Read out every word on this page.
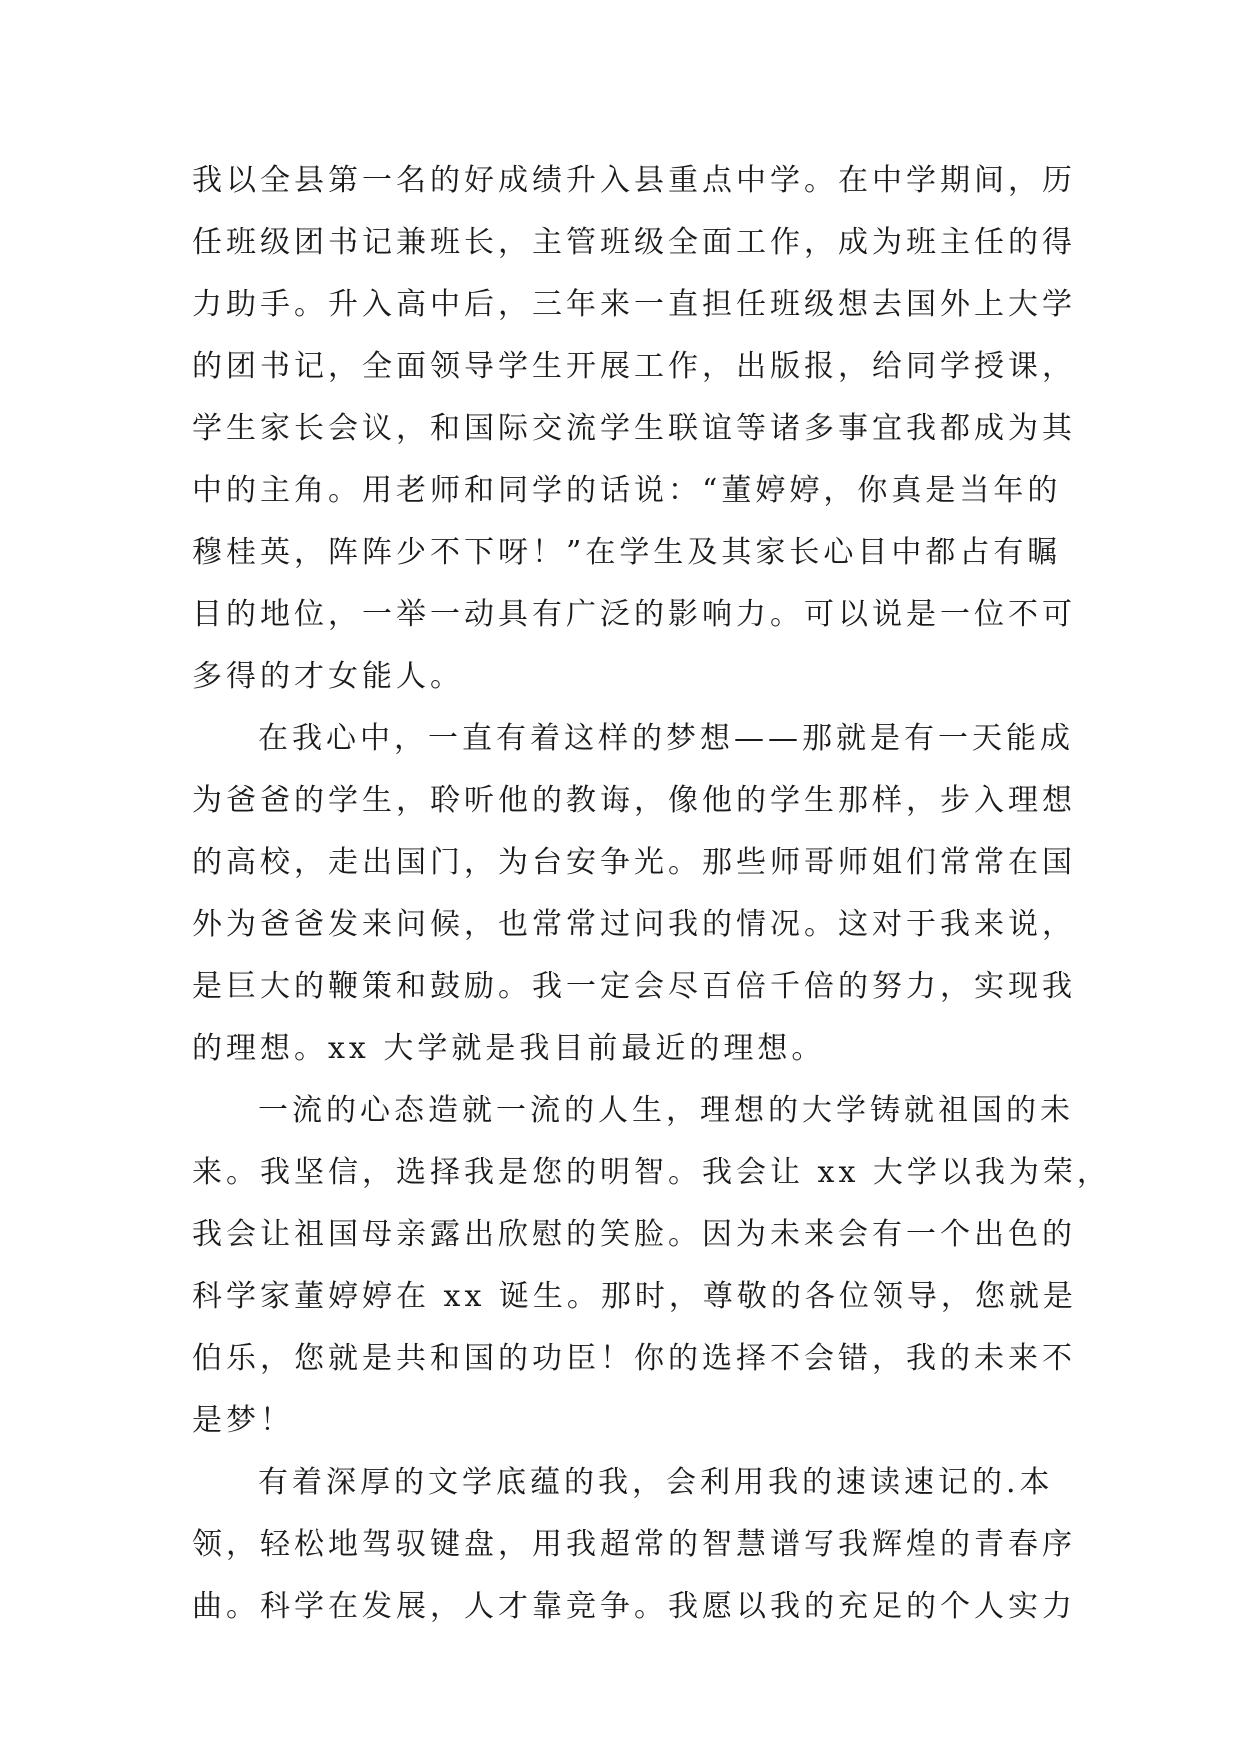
我以全县第一名的好成绩升入县重点中学。在中学期间，历
任班级团书记兼班长，主管班级全面工作，成为班主任的得
力助手。升入高中后，三年来一直担任班级想去国外上大学
的团书记，全面领导学生开展工作，出版报，给同学授课，
学生家长会议，和国际交流学生联谊等诸多事宜我都成为其
中的主角。用老师和同学的话说：“董婷婷，你真是当年的
穆桂英，阵阵少不下呀！”在学生及其家长心目中都占有瞩
目的地位，一举一动具有广泛的影响力。可以说是一位不可
多得的才女能人。
在我心中，一直有着这样的梦想——那就是有一天能成
为爸爸的学生，聆听他的教诲，像他的学生那样，步入理想
的高校，走出国门，为台安争光。那些师哥师姐们常常在国
外为爸爸发来问候，也常常过问我的情况。这对于我来说，
是巨大的鞭策和鼓励。我一定会尽百倍千倍的努力，实现我
的理想。xx 大学就是我目前最近的理想。
一流的心态造就一流的人生，理想的大学铸就祖国的未
来。我坚信，选择我是您的明智。我会让 xx 大学以我为荣，
我会让祖国母亲露出欣慰的笑脸。因为未来会有一个出色的
科学家董婷婷在 xx 诞生。那时，尊敬的各位领导，您就是
伯乐，您就是共和国的功臣！你的选择不会错，我的未来不
是梦！
有着深厚的文学底蕴的我，会利用我的速读速记的.本
领，轻松地驾驭键盘，用我超常的智慧谱写我辉煌的青春序
曲。科学在发展，人才靠竞争。我愿以我的充足的个人实力
